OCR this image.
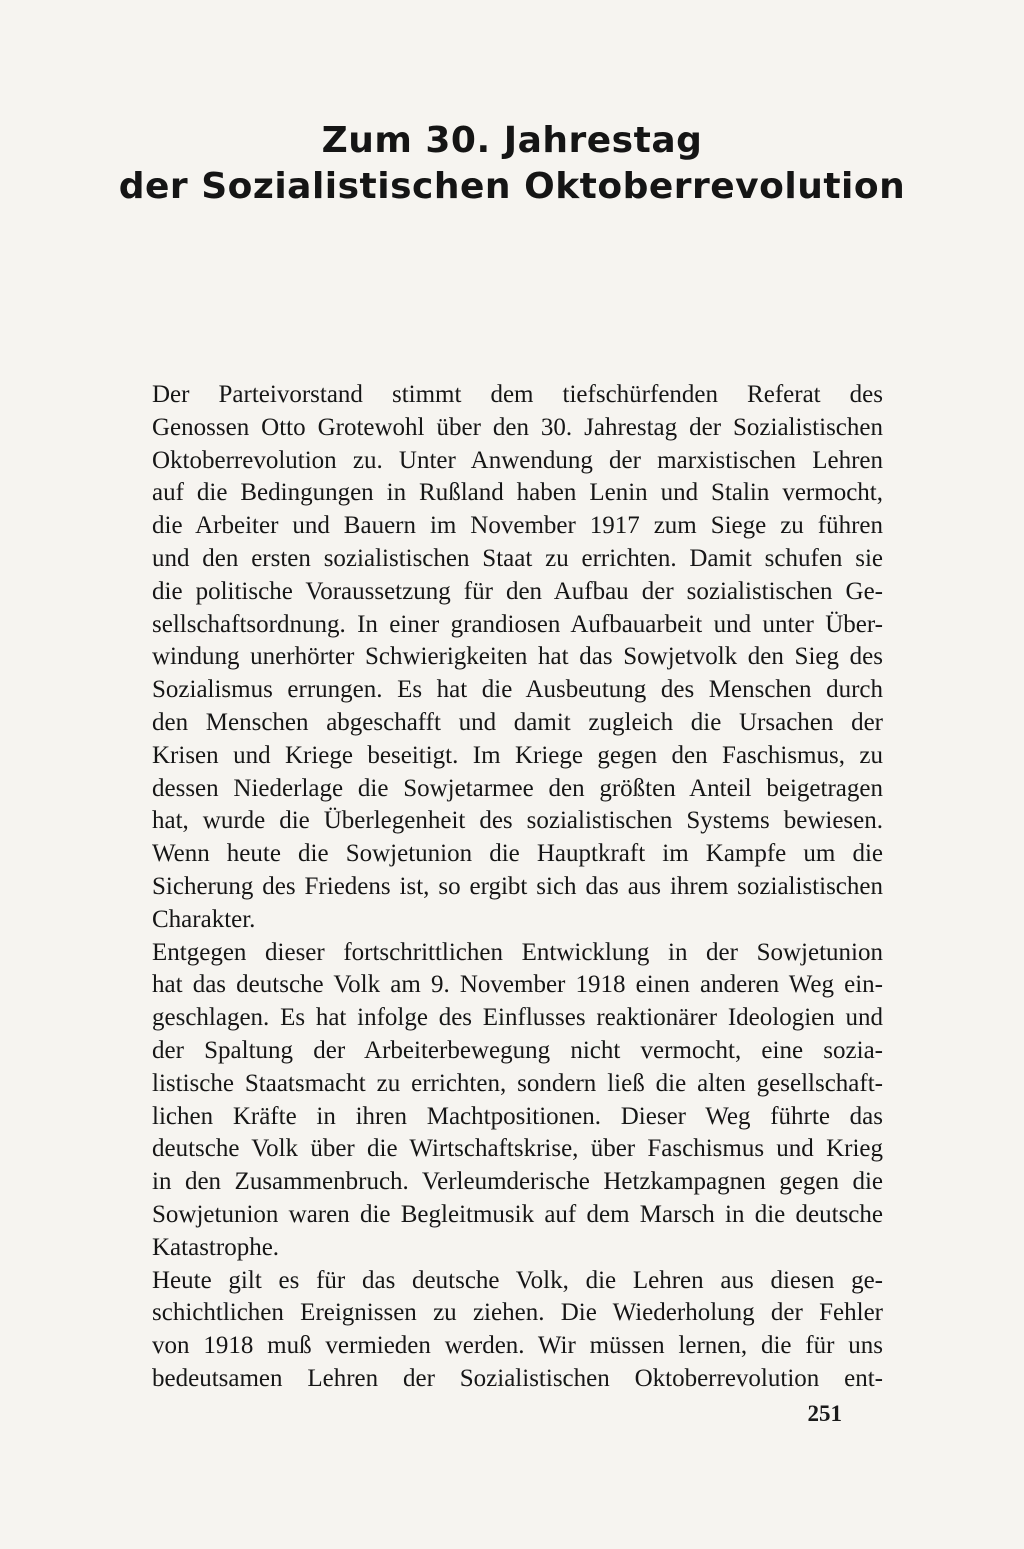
Zum 30. Jahrestag
der Sozialistischen Oktoberrevolution

Der Parteivorstand stimmt dem tiefschürfenden Referat des
Genossen Otto Grotewohl über den 30. Jahrestag der Sozialistischen
Oktoberrevolution zu. Unter Anwendung der marxistischen Lehren
auf die Bedingungen in Rußland haben Lenin und Stalin vermocht,
die Arbeiter und Bauern im November 1917 zum Siege zu führen
und den ersten sozialistischen Staat zu errichten. Damit schufen sie
die politische Voraussetzung für den Aufbau der sozialistischen Ge-
sellschaftsordnung. In einer grandiosen Aufbauarbeit und unter Über-
windung unerhörter Schwierigkeiten hat das Sowjetvolk den Sieg des
Sozialismus errungen. Es hat die Ausbeutung des Menschen durch
den Menschen abgeschafft und damit zugleich die Ursachen der
Krisen und Kriege beseitigt. Im Kriege gegen den Faschismus, zu
dessen Niederlage die Sowjetarmee den größten Anteil beigetragen
hat, wurde die Überlegenheit des sozialistischen Systems bewiesen.
Wenn heute die Sowjetunion die Hauptkraft im Kampfe um die
Sicherung des Friedens ist, so ergibt sich das aus ihrem sozialistischen
Charakter.

Entgegen dieser fortschrittlichen Entwicklung in der Sowjetunion
hat das deutsche Volk am 9. November 1918 einen anderen Weg ein-
geschlagen. Es hat infolge des Einflusses reaktionärer Ideologien und
der Spaltung der Arbeiterbewegung nicht vermocht, eine sozia-
listische Staatsmacht zu errichten, sondern ließ die alten gesellschaft-
lichen Kräfte in ihren Machtpositionen. Dieser Weg führte das
deutsche Volk über die Wirtschaftskrise, über Faschismus und Krieg
in den Zusammenbruch. Verleumderische Hetzkampagnen gegen die
Sowjetunion waren die Begleitmusik auf dem Marsch in die deutsche
Katastrophe.

Heute gilt es für das deutsche Volk, die Lehren aus diesen ge-
schichtlichen Ereignissen zu ziehen. Die Wiederholung der Fehler
von 1918 muß vermieden werden. Wir müssen lernen, die für uns
bedeutsamen Lehren der Sozialistischen Oktoberrevolution ent-

251
